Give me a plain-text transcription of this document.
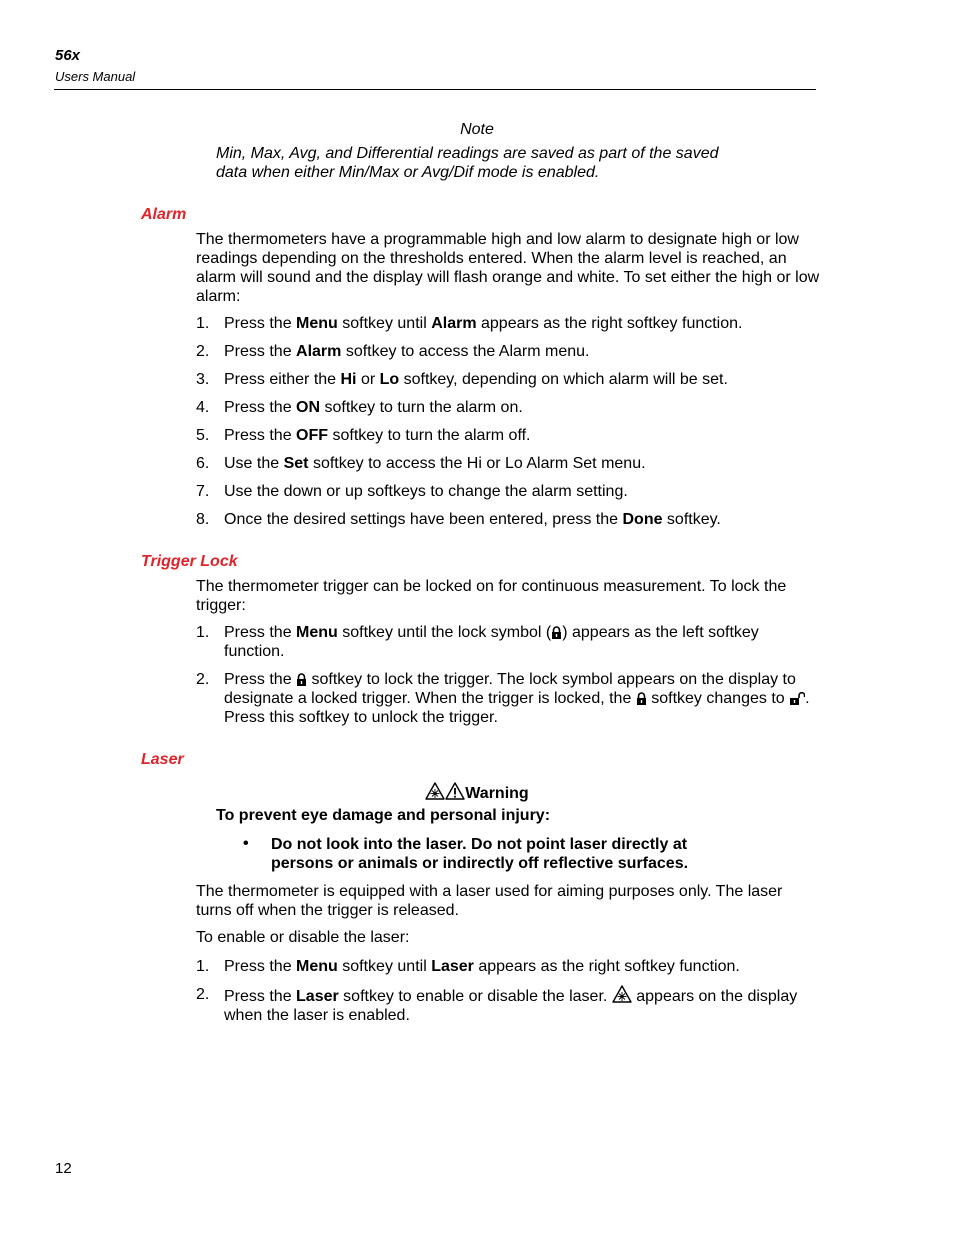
56x
Users Manual
Note
Min, Max, Avg, and Differential readings are saved as part of the saved data when either Min/Max or Avg/Dif mode is enabled.
Alarm
The thermometers have a programmable high and low alarm to designate high or low readings depending on the thresholds entered. When the alarm level is reached, an alarm will sound and the display will flash orange and white. To set either the high or low alarm:
1. Press the Menu softkey until Alarm appears as the right softkey function.
2. Press the Alarm softkey to access the Alarm menu.
3. Press either the Hi or Lo softkey, depending on which alarm will be set.
4. Press the ON softkey to turn the alarm on.
5. Press the OFF softkey to turn the alarm off.
6. Use the Set softkey to access the Hi or Lo Alarm Set menu.
7. Use the down or up softkeys to change the alarm setting.
8. Once the desired settings have been entered, press the Done softkey.
Trigger Lock
The thermometer trigger can be locked on for continuous measurement. To lock the trigger:
1. Press the Menu softkey until the lock symbol ( ) appears as the left softkey function.
2. Press the  softkey to lock the trigger. The lock symbol appears on the display to designate a locked trigger. When the trigger is locked, the  softkey changes to . Press this softkey to unlock the trigger.
Laser
Warning
To prevent eye damage and personal injury:
• Do not look into the laser. Do not point laser directly at persons or animals or indirectly off reflective surfaces.
The thermometer is equipped with a laser used for aiming purposes only. The laser turns off when the trigger is released.
To enable or disable the laser:
1. Press the Menu softkey until Laser appears as the right softkey function.
2. Press the Laser softkey to enable or disable the laser.  appears on the display when the laser is enabled.
12
